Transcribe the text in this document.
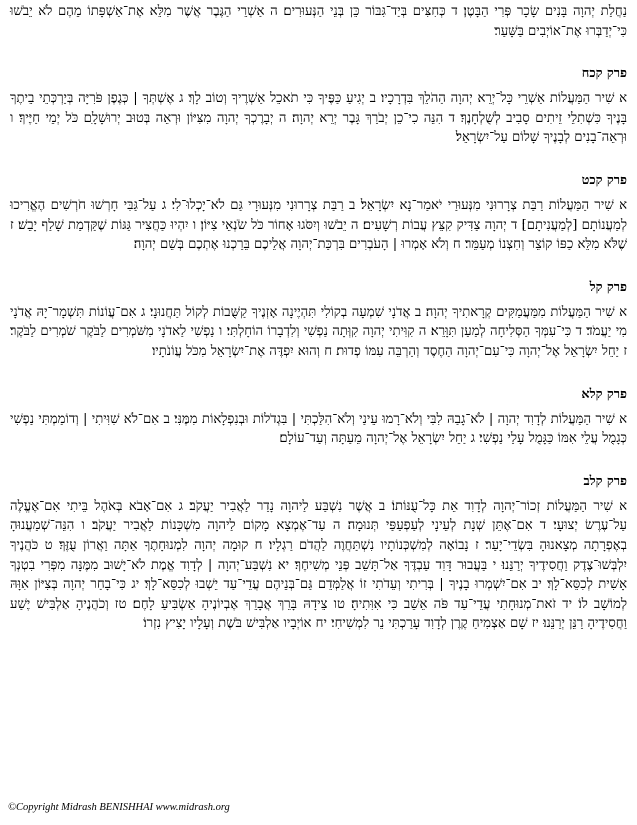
נַחֲלַת יְהוָה בָּנִים שָׂכָר פְּרִי הַבָּטֶן׃ ד כְּחִצִּים בְּיַד־גִּבּוֹר כֵּן בְּנֵי הַנְּעוּרִים׃ ה אַשְׁרֵי הַגֶּבֶר אֲשֶׁר מִלֵּא אֶת־אַשְׁפָּתוֹ מֵהֶם לֹא יֵבֹשׁוּ כִּי־יְדַבְּרוּ אֶת־אוֹיְבִים בַּשָּׁעַר׃

פרק קכח

א שִׁיר הַמַּעֲלוֹת אַשְׁרֵי כָּל־יְרֵא יְהוָה הַהֹלֵךְ בִּדְרָכָיו׃ ב יְגִיעַ כַּפֶּיךָ כִּי תֹאכֵל אַשְׁרֶיךָ וְטוֹב לָךְ׃ ג אֶשְׁתְּךָ | כְּגֶפֶן פֹּרִיָּה בְּיַרְכְּתֵי בֵיתֶךָ בָּנֶיךָ כִּשְׁתִלֵי זֵיתִים סָבִיב לְשֻׁלְחָנֶךָ׃ ד הִנֵּה כִי־כֵן יְבֹרַךְ גָּבֶר יְרֵא יְהוָה׃ ה יְבָרֶכְךָ יְהוָה מִצִּיּוֹן וּרְאֵה בְּטוּב יְרוּשָׁלָ‍ִם כֹּל יְמֵי חַיֶּיךָ׃ ו וּרְאֵה־בָנִים לְבָנֶיךָ שָׁלוֹם עַל־יִשְׂרָאֵל׃

פרק קכט

א שִׁיר הַמַּעֲלוֹת רַבַּת צְרָרוּנִי מִנְּעוּרַי יֹאמַר־נָא יִשְׂרָאֵל׃ ב רַבַּת צְרָרוּנִי מִנְּעוּרָי גַּם לֹא־יָכְלוּ־לִי׃ ג עַל־גַּבִּי חָרְשׁוּ חֹרְשִׁים הֶאֱרִיכוּ לְמַעֲנוֹתָם [לְמַעֲנִיתָם]׃ ד יְהוָה צַדִּיק קִצֵּץ עֲבוֹת רְשָׁעִים׃ ה יֵבֹשׁוּ וְיִסֹּגוּ אָחוֹר כֹּל שֹׂנְאֵי צִיּוֹן׃ ו יִהְיוּ כַּחֲצִיר גַּגּוֹת שֶׁקַּדְמַת שָׁלַף יָבֵשׁ׃ ז שֶׁלֹּא מִלֵּא כַפּוֹ קוֹצֵר וְחִצְנוֹ מְעַמֵּר׃ ח וְלֹא אָמְרוּ | הָעֹבְרִים בִּרְכַּת־יְהוָה אֲלֵיכֶם בֵּרַכְנוּ אֶתְכֶם בְּשֵׁם יְהוָה׃

פרק קל

א שִׁיר הַמַּעֲלוֹת מִמַּעֲמַקִּים קְרָאתִיךָ יְהוָה׃ ב אֲדֹנָי שִׁמְעָה בְקוֹלִי תִּהְיֶינָה אָזְנֶיךָ קַשֻּׁבוֹת לְקוֹל תַּחֲנוּנָי׃ ג אִם־עֲוֹנוֹת תִּשְׁמָר־יָהּ אֲדֹנָי מִי יַעֲמֹד׃ ד כִּי־עִמְּךָ הַסְּלִיחָה לְמַעַן תִּוָּרֵא׃ ה קִוִּיתִי יְהוָה קִוְּתָה נַפְשִׁי וְלִדְבָרוֹ הוֹחָלְתִּי׃ ו נַפְשִׁי לַאדֹנָי מִשֹּׁמְרִים לַבֹּקֶר שֹׁמְרִים לַבֹּקֶר׃ ז יַחֵל יִשְׂרָאֵל אֶל־יְהוָה כִּי־עִם־יְהוָה הַחֶסֶד וְהַרְבֵּה עִמּוֹ פְדוּת׃ ח וְהוּא יִפְדֶּה אֶת־יִשְׂרָאֵל מִכֹּל עֲוֹנֹתָיו׃

פרק קלא

א שִׁיר הַמַּעֲלוֹת לְדָוִד יְהוָה | לֹא־גָבַהּ לִבִּי וְלֹא־רָמוּ עֵינַי וְלֹא־הִלַּכְתִּי | בִּגְדֹלוֹת וּבְנִפְלָאוֹת מִמֶּנִּי׃ ב אִם־לֹא שִׁוִּיתִי | וְדוֹמַמְתִּי נַפְשִׁי כְּגָמֻל עֲלֵי אִמּוֹ כַּגָּמֻל עָלַי נַפְשִׁי׃ ג יַחֵל יִשְׂרָאֵל אֶל־יְהוָה מֵעַתָּה וְעַד־עוֹלָם׃

פרק קלב

א שִׁיר הַמַּעֲלוֹת זְכוֹר־יְהוָה לְדָוִד אֵת כָּל־עֻנּוֹתוֹ׃ ב אֲשֶׁר נִשְׁבַּע לַיהוָה נָדַר לַאֲבִיר יַעֲקֹב׃ ג אִם־אָבֹא בְּאֹהֶל בֵּיתִי אִם־אֶעֱלֶה עַל־עֶרֶשׂ יְצוּעָי׃ ד אִם־אֶתֵּן שְׁנָת לְעֵינָי לְעַפְעַפַּי תְּנוּמָה׃ ה עַד־אֶמְצָא מָקוֹם לַיהוָה מִשְׁכָּנוֹת לַאֲבִיר יַעֲקֹב׃ ו הִנֵּה־שְׁמַעֲנוּהָ בְאֶפְרָתָה מְצָאנוּהָ בִּשְׂדֵי־יָעַר׃ ז נָבוֹאָה לְמִשְׁכְּנוֹתָיו נִשְׁתַּחֲוֶה לַהֲדֹם רַגְלָיו׃ ח קוּמָה יְהוָה לִמְנוּחָתֶךָ אַתָּה וַאֲרוֹן עֻזֶּךָ׃ ט כֹּהֲנֶיךָ יִלְבְּשׁוּ־צֶדֶק וַחֲסִידֶיךָ יְרַנֵּנוּ׃ י בַּעֲבוּר דָּוִד עַבְדֶּךָ אַל־תָּשֵׁב פְּנֵי מְשִׁיחֶךָ׃ יא נִשְׁבַּע־יְהוָה | לְדָוִד אֱמֶת לֹא־יָשׁוּב מִמֶּנָּה מִפְּרִי בִטְנְךָ אָשִׁית לְכִסֵּא־לָךְ׃ יב אִם־יִשְׁמְרוּ בָנֶיךָ | בְּרִיתִי וְעֵדֹתִי זוֹ אֲלַמְּדֵם גַּם־בְּנֵיהֶם עֲדֵי־עַד יֵשְׁבוּ לְכִסֵּא־לָךְ׃ יג כִּי־בָחַר יְהוָה בְּצִיּוֹן אִוָּהּ לְמוֹשָׁב לוֹ׃ יד זֹאת־מְנוּחָתִי עֲדֵי־עַד פֹּה אֵשֵׁב כִּי אִוִּתִיהָ׃ טו צֵידָהּ בָּרֵךְ אֲבָרֵךְ אֶבְיוֹנֶיהָ אַשְׂבִּיעַ לָחֶם׃ טז וְכֹהֲנֶיהָ אַלְבִּישׁ יֶשַׁע וַחֲסִידֶיהָ רַנֵּן יְרַנֵּנוּ׃ יז שָׁם אַצְמִיחַ קֶרֶן לְדָוִד עָרַכְתִּי נֵר לִמְשִׁיחִי׃ יח אוֹיְבָיו אַלְבִּישׁ בֹּשֶׁת וְעָלָיו יָצִיץ נִזְרוֹ׃

©Copyright Midrash BENISHHAI www.midrash.org
